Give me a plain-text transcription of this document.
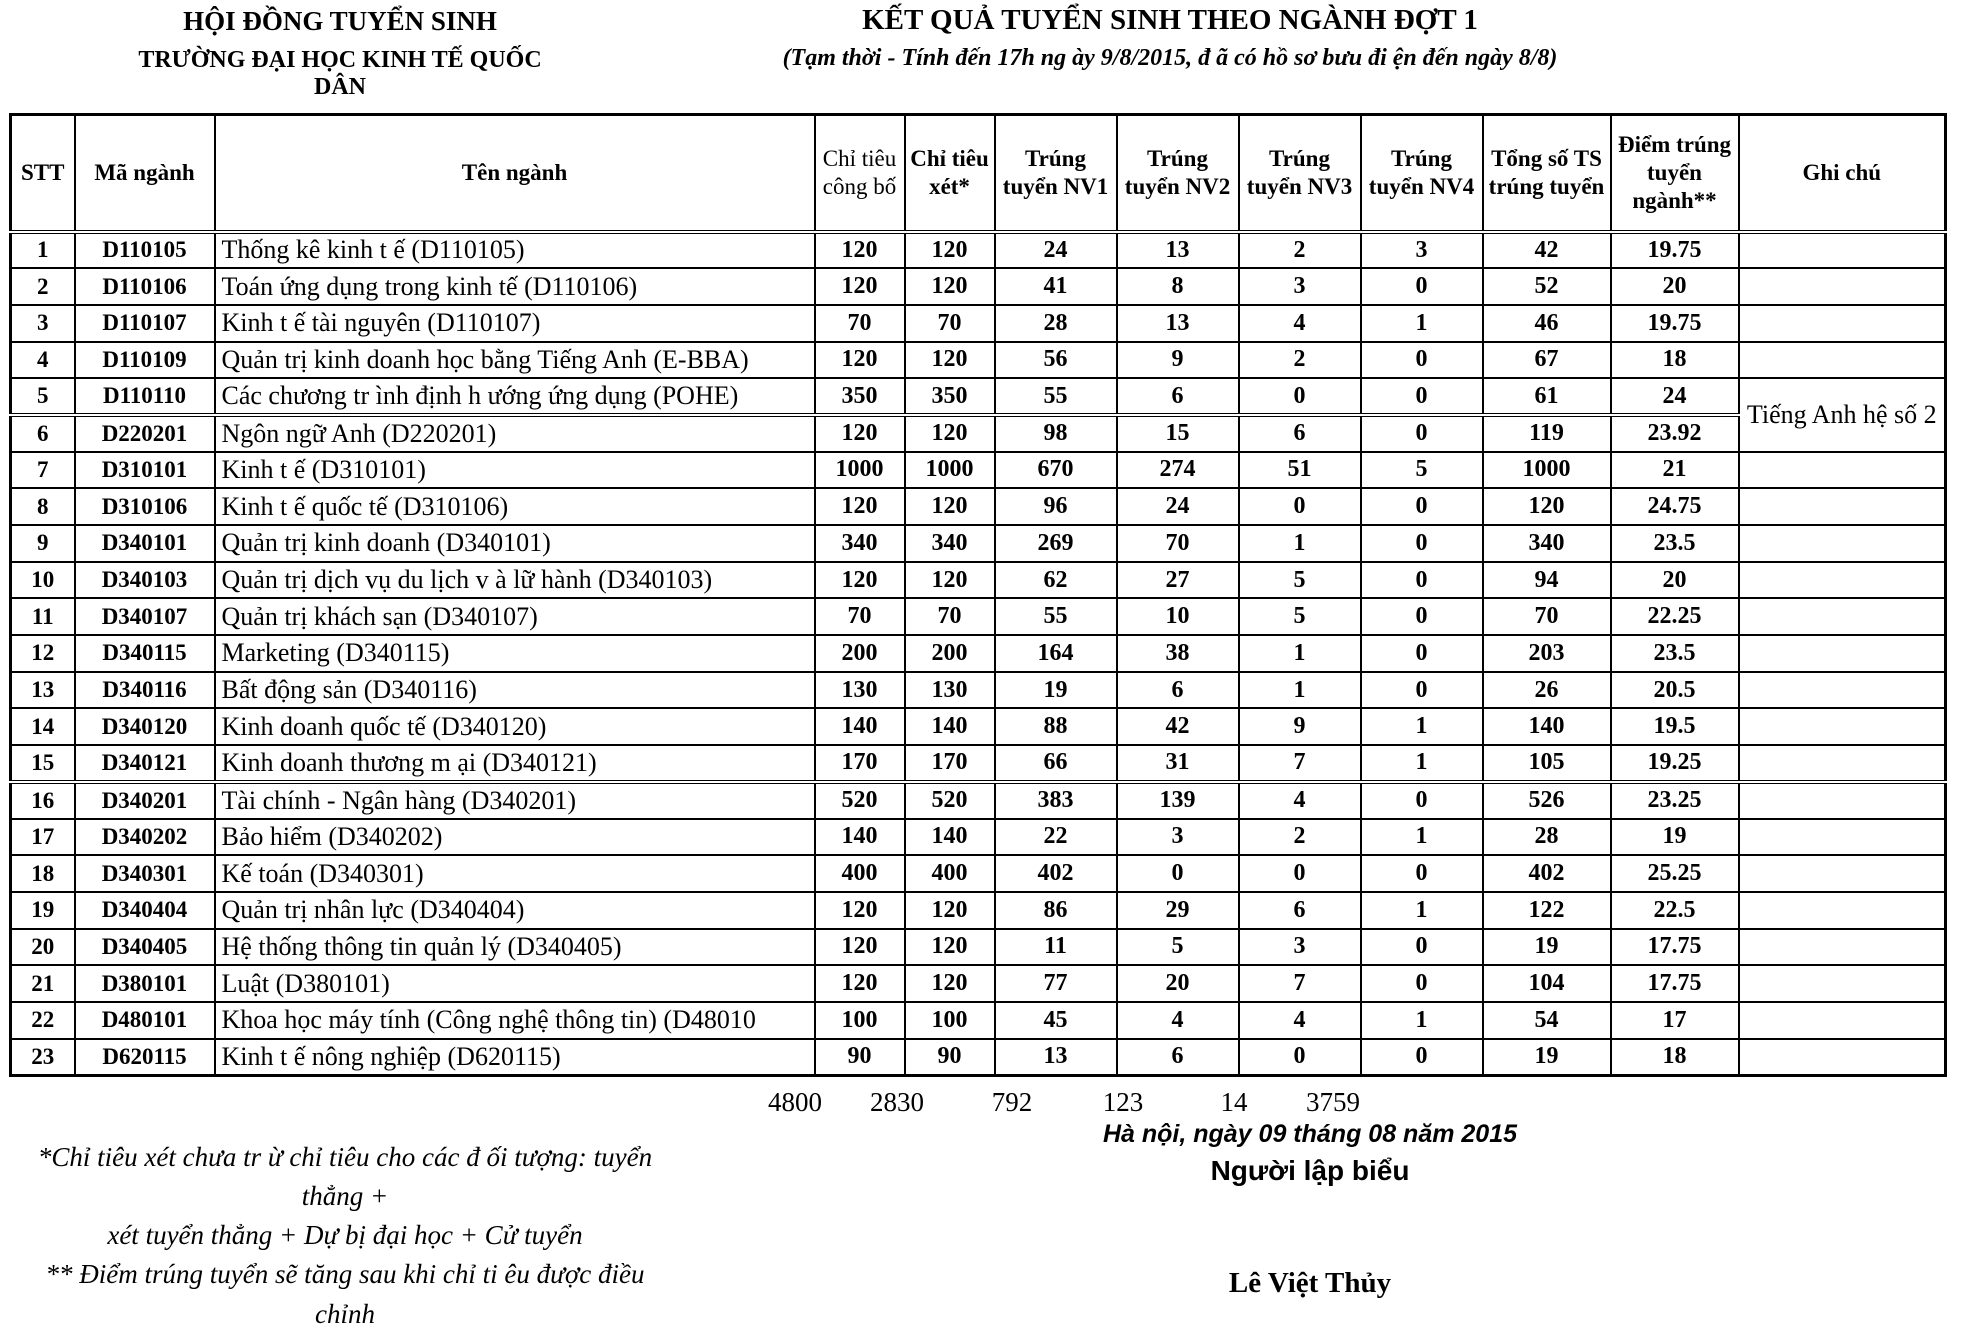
HỘI ĐỒNG TUYỂN SINH
TRƯỜNG ĐẠI HỌC KINH TẾ QUỐC DÂN
KẾT QUẢ TUYỂN SINH THEO NGÀNH ĐỢT 1
(Tạm thời - Tính đến 17h ng ày 9/8/2015, đ ã có hồ sơ bưu đi ện đến ngày 8/8)
STT	Mã ngành	Tên ngành	Chỉ tiêu công bố	Chỉ tiêu xét*	Trúng tuyển NV1	Trúng tuyển NV2	Trúng tuyển NV3	Trúng tuyển NV4	Tổng số TS trúng tuyển	Điểm trúng tuyển ngành**	Ghi chú
1	D110105	Thống kê kinh t ế (D110105)	120	120	24	13	2	3	42	19.75	
2	D110106	Toán ứng dụng trong kinh tế (D110106)	120	120	41	8	3	0	52	20	
3	D110107	Kinh t ế tài nguyên (D110107)	70	70	28	13	4	1	46	19.75	
4	D110109	Quản trị kinh doanh học bằng Tiếng Anh (E-BBA)	120	120	56	9	2	0	67	18	
5	D110110	Các chương tr ình định h ướng ứng dụng (POHE)	350	350	55	6	0	0	61	24	Tiếng Anh hệ số 2
6	D220201	Ngôn ngữ Anh (D220201)	120	120	98	15	6	0	119	23.92	
7	D310101	Kinh t ế (D310101)	1000	1000	670	274	51	5	1000	21	
8	D310106	Kinh t ế quốc tế (D310106)	120	120	96	24	0	0	120	24.75	
9	D340101	Quản trị kinh doanh (D340101)	340	340	269	70	1	0	340	23.5	
10	D340103	Quản trị dịch vụ du lịch v à lữ hành (D340103)	120	120	62	27	5	0	94	20	
11	D340107	Quản trị khách sạn (D340107)	70	70	55	10	5	0	70	22.25	
12	D340115	Marketing (D340115)	200	200	164	38	1	0	203	23.5	
13	D340116	Bất động sản (D340116)	130	130	19	6	1	0	26	20.5	
14	D340120	Kinh doanh quốc tế (D340120)	140	140	88	42	9	1	140	19.5	
15	D340121	Kinh doanh thương m ại (D340121)	170	170	66	31	7	1	105	19.25	
16	D340201	Tài chính - Ngân hàng (D340201)	520	520	383	139	4	0	526	23.25	
17	D340202	Bảo hiểm (D340202)	140	140	22	3	2	1	28	19	
18	D340301	Kế toán (D340301)	400	400	402	0	0	0	402	25.25	
19	D340404	Quản trị nhân lực (D340404)	120	120	86	29	6	1	122	22.5	
20	D340405	Hệ thống thông tin quản lý (D340405)	120	120	11	5	3	0	19	17.75	
21	D380101	Luật (D380101)	120	120	77	20	7	0	104	17.75	
22	D480101	Khoa học máy tính (Công nghệ thông tin) (D48010	100	100	45	4	4	1	54	17	
23	D620115	Kinh t ế nông nghiệp (D620115)	90	90	13	6	0	0	19	18	
4800 2830	792	123	14 3759
*Chỉ tiêu xét chưa tr ừ chỉ tiêu cho các đ ối tượng: tuyển thẳng +
xét tuyển thẳng + Dự bị đại học + Cử tuyển
** Điểm trúng tuyển sẽ tăng sau khi chỉ ti êu được điều chỉnh
Hà nội, ngày 09 tháng 08 năm 2015
Người lập biểu
Lê Việt Thủy
